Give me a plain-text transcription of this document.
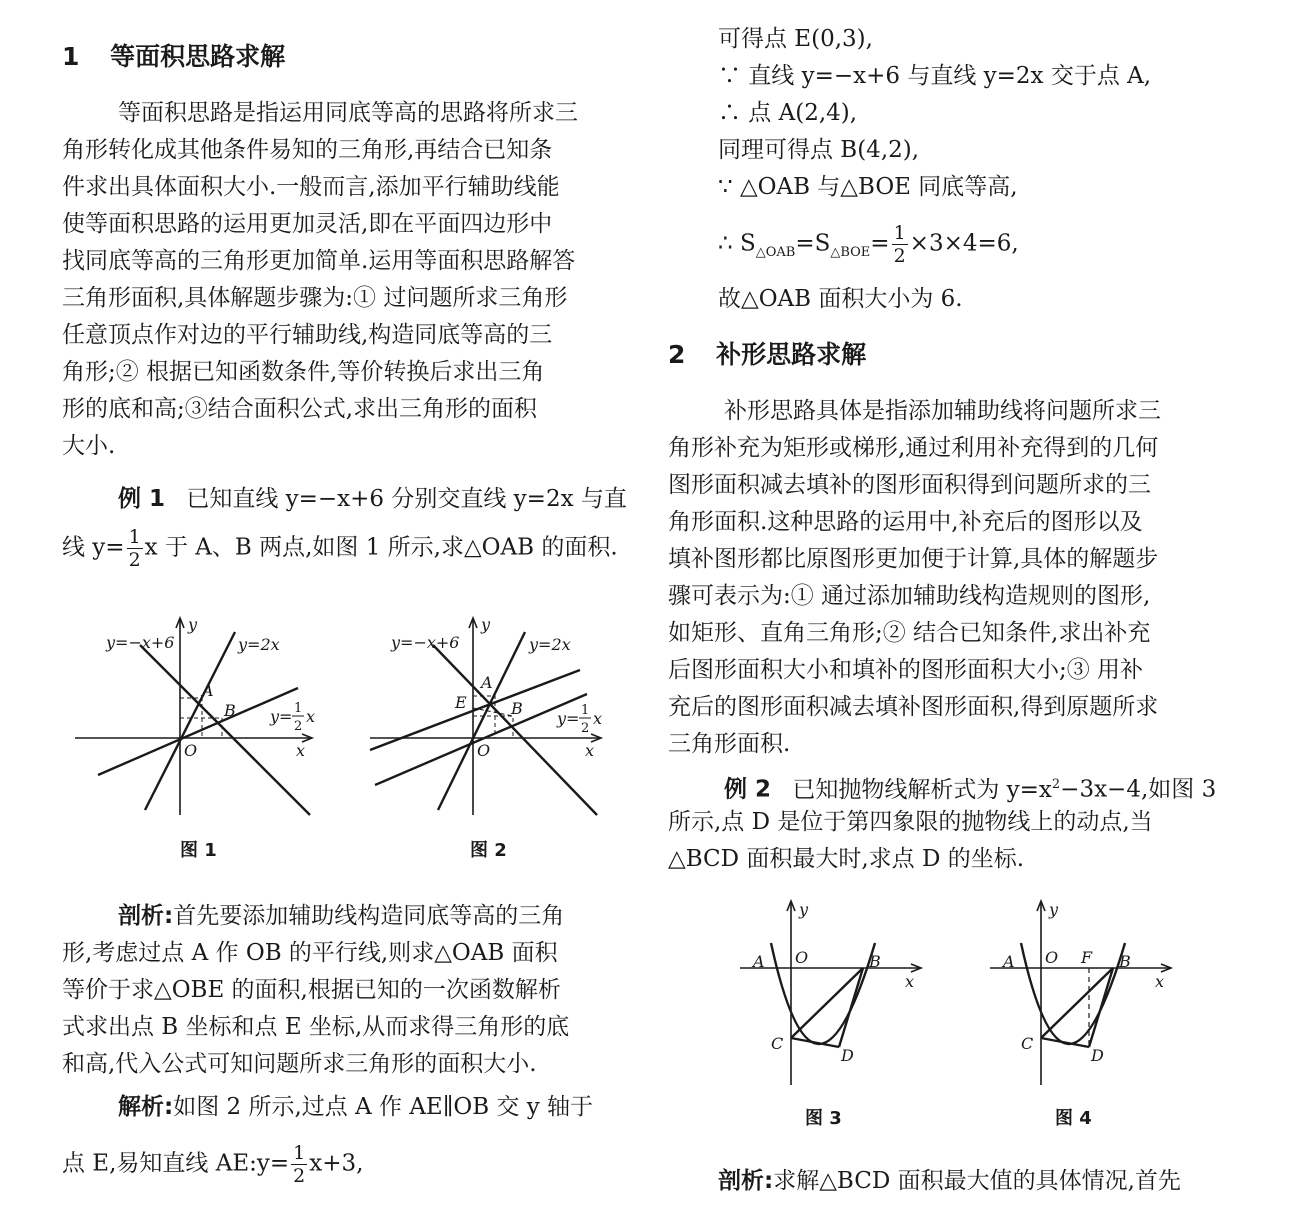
1 等面积思路求解
等面积思路是指运用同底等高的思路将所求三
角形转化成其他条件易知的三角形,再结合已知条
件求出具体面积大小.一般而言,添加平行辅助线能
使等面积思路的运用更加灵活,即在平面四边形中
找同底等高的三角形更加简单.运用等面积思路解答
三角形面积,具体解题步骤为:① 过问题所求三角形
任意顶点作对边的平行辅助线,构造同底等高的三
角形;② 根据已知函数条件,等价转换后求出三角
形的底和高;③结合面积公式,求出三角形的面积
大小.
例 1 已知直线 y=−x+6 分别交直线 y=2x 与直
线 $y= \frac{1}{2}$ x 于 A、B 两点,如图 1 所示,求△OAB 的面积.
y=−x+6	y=2x
y
x
O
A
B y= 1
2
x
图 1
y=−x+6	y=2x
y
x
O
A
B
E
y= 1
2
x
图 2
剖析:首先要添加辅助线构造同底等高的三角
形,考虑过点 A 作 OB 的平行线,则求△OAB 面积
等价于求△OBE 的面积,根据已知的一次函数解析
式求出点 B 坐标和点 E 坐标,从而求得三角形的底
和高,代入公式可知问题所求三角形的面积大小.
解析:如图 2 所示,过点 A 作 AE∥OB 交 y 轴于
点 E,易知直线 AE:y= $\frac{1}{2} x+3$,
可得点 E(0,3),
∵ 直线 y=−x+6 与直线 y=2x 交于点 A,
∴ 点 A(2,4),
同理可得点 B(4,2),
∵ △OAB 与△BOE 同底等高,
∴ $S_{\triangle OAB}=S_{\triangle BOE}= \frac{1}{2} \times 3\times 4=6$,
故△OAB 面积大小为 6.
2 补形思路求解
补形思路具体是指添加辅助线将问题所求三
角形补充为矩形或梯形,通过利用补充得到的几何
图形面积减去填补的图形面积得到问题所求的三
角形面积.这种思路的运用中,补充后的图形以及
填补图形都比原图形更加便于计算,具体的解题步
骤可表示为:① 通过添加辅助线构造规则的图形,
如矩形、直角三角形;② 结合已知条件,求出补充
后图形面积大小和填补的图形面积大小;③ 用补
充后的图形面积减去填补图形面积,得到原题所求
三角形面积.
例 2 已知抛物线解析式为 $y=x^2-3x-4$,如图 3
所示,点 D 是位于第四象限的抛物线上的动点,当
△BCD 面积最大时,求点 D 的坐标.
y
x
O
A	B
C
D
图 3
y
x
O
A	F B
C
D
图 4
剖析:求解△BCD 面积最大值的具体情况,首先
